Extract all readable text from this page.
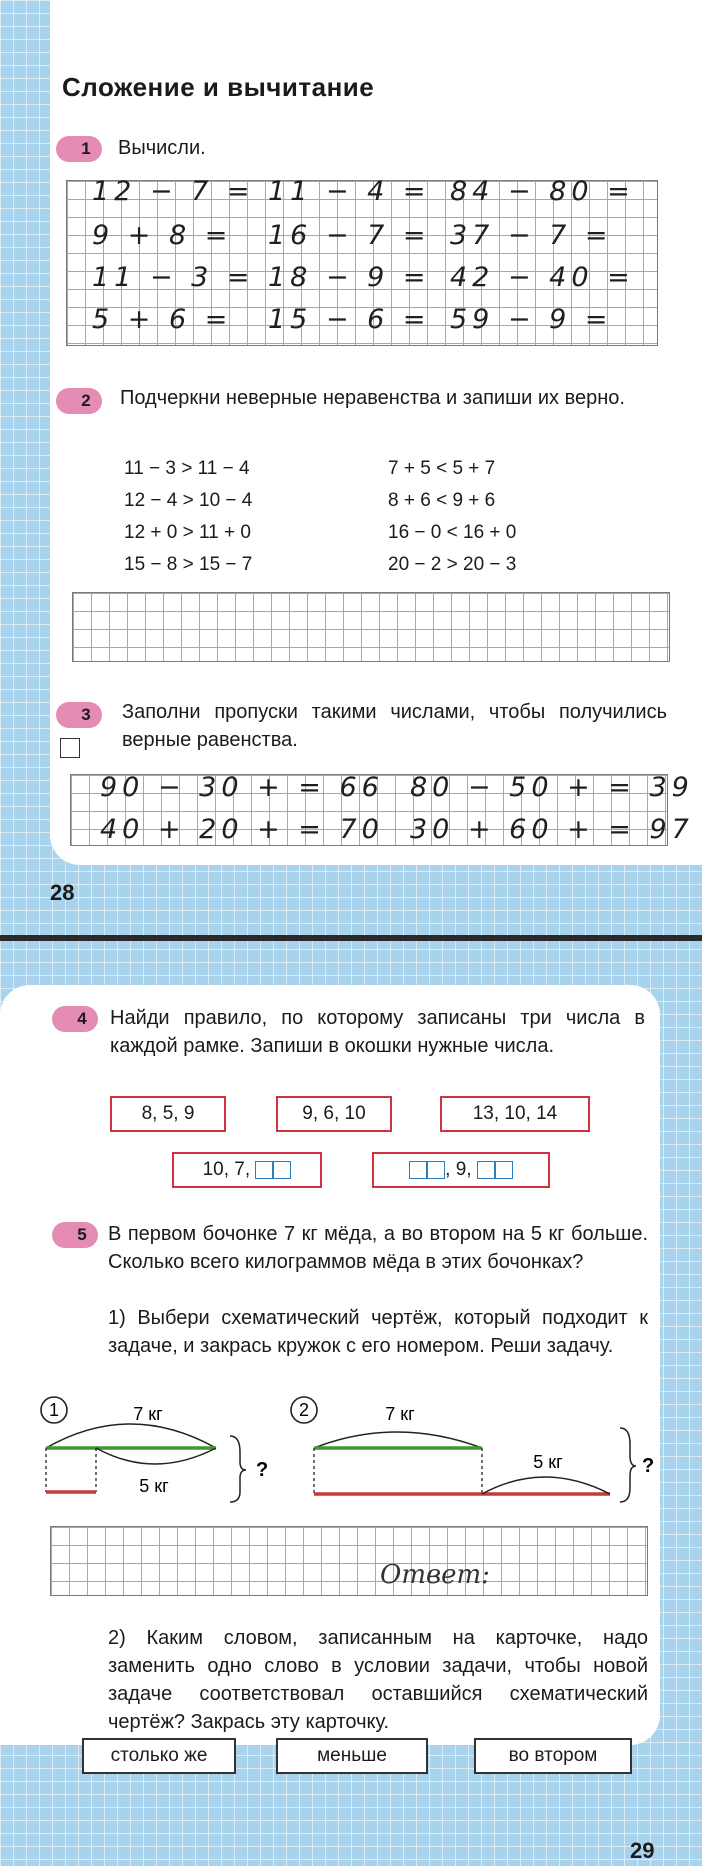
Сложение и вычитание
1	Вычисли.
12 − 7 = 11 − 4 = 84 − 80 =
9 + 8 = 16 − 7 = 37 − 7 =
11 − 3 = 18 − 9 = 42 − 40 =
5 + 6 = 15 − 6 = 59 − 9 =
2	Подчеркни неверные неравенства и запиши их верно.
11 − 3 > 11 − 4
12 − 4 > 10 − 4
12 + 0 > 11 + 0
15 − 8 > 15 − 7
7 + 5 < 5 + 7
8 + 6 < 9 + 6
16 − 0 < 16 + 0
20 − 2 > 20 − 3
3	Заполни пропуски такими числами, чтобы получились верные равенства.
90 − 30 + = 66 80 − 50 + = 39
40 + 20 + = 70 30 + 60 + = 97
28
4	Найди правило, по которому записаны три числа в каждой рамке. Запиши в окошки нужные числа.
8, 5, 9	9, 6, 10	13, 10, 14
10, 7,	, 9,
5	В первом бочонке 7 кг мёда, а во втором на 5 кг больше. Сколько всего килограммов мёда в этих бочонках?
1) Выбери схематический чертёж, который подходит к задаче, и закрась кружок с его номером. Реши задачу.
1	7 кг
5 кг
?
2	7 кг
5 кг	?
Ответ:
2) Каким словом, записанным на карточке, надо заменить одно слово в условии задачи, чтобы новой задаче соответствовал оставшийся схематический чертёж? Закрась эту карточку.
столько же	меньше	во втором
29
